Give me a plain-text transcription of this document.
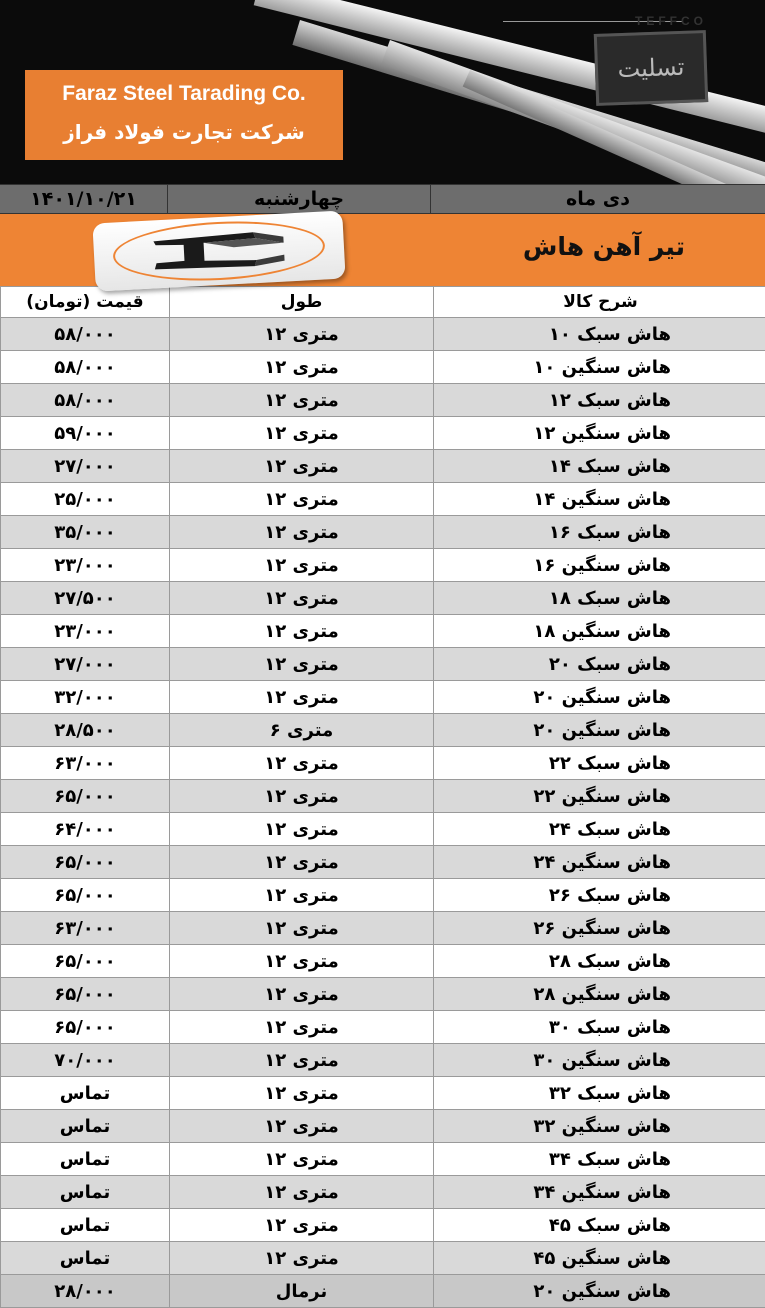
TEFFCO
تسلیت
Faraz Steel Tarading Co.
شرکت تجارت فولاد فراز
۱۴۰۱/۱۰/۲۱	چهارشنبه	دی ماه
تیر آهن هاش
قیمت (تومان)	طول	شرح کالا
۵۸/۰۰۰	۱۲ متری	هاش سبک ۱۰
۵۸/۰۰۰	۱۲ متری	هاش سنگین ۱۰
۵۸/۰۰۰	۱۲ متری	هاش سبک ۱۲
۵۹/۰۰۰	۱۲ متری	هاش سنگین ۱۲
۲۷/۰۰۰	۱۲ متری	هاش سبک ۱۴
۲۵/۰۰۰	۱۲ متری	هاش سنگین ۱۴
۳۵/۰۰۰	۱۲ متری	هاش سبک ۱۶
۲۳/۰۰۰	۱۲ متری	هاش سنگین ۱۶
۲۷/۵۰۰	۱۲ متری	هاش سبک ۱۸
۲۳/۰۰۰	۱۲ متری	هاش سنگین ۱۸
۲۷/۰۰۰	۱۲ متری	هاش سبک ۲۰
۳۲/۰۰۰	۱۲ متری	هاش سنگین ۲۰
۲۸/۵۰۰	۶ متری	هاش سنگین ۲۰
۶۳/۰۰۰	۱۲ متری	هاش سبک ۲۲
۶۵/۰۰۰	۱۲ متری	هاش سنگین ۲۲
۶۴/۰۰۰	۱۲ متری	هاش سبک ۲۴
۶۵/۰۰۰	۱۲ متری	هاش سنگین ۲۴
۶۵/۰۰۰	۱۲ متری	هاش سبک ۲۶
۶۳/۰۰۰	۱۲ متری	هاش سنگین ۲۶
۶۵/۰۰۰	۱۲ متری	هاش سبک ۲۸
۶۵/۰۰۰	۱۲ متری	هاش سنگین ۲۸
۶۵/۰۰۰	۱۲ متری	هاش سبک ۳۰
۷۰/۰۰۰	۱۲ متری	هاش سنگین ۳۰
تماس	۱۲ متری	هاش سبک ۳۲
تماس	۱۲ متری	هاش سنگین ۳۲
تماس	۱۲ متری	هاش سبک ۳۴
تماس	۱۲ متری	هاش سنگین ۳۴
تماس	۱۲ متری	هاش سبک ۴۵
تماس	۱۲ متری	هاش سنگین ۴۵
۲۸/۰۰۰	نرمال	هاش سنگین ۲۰
